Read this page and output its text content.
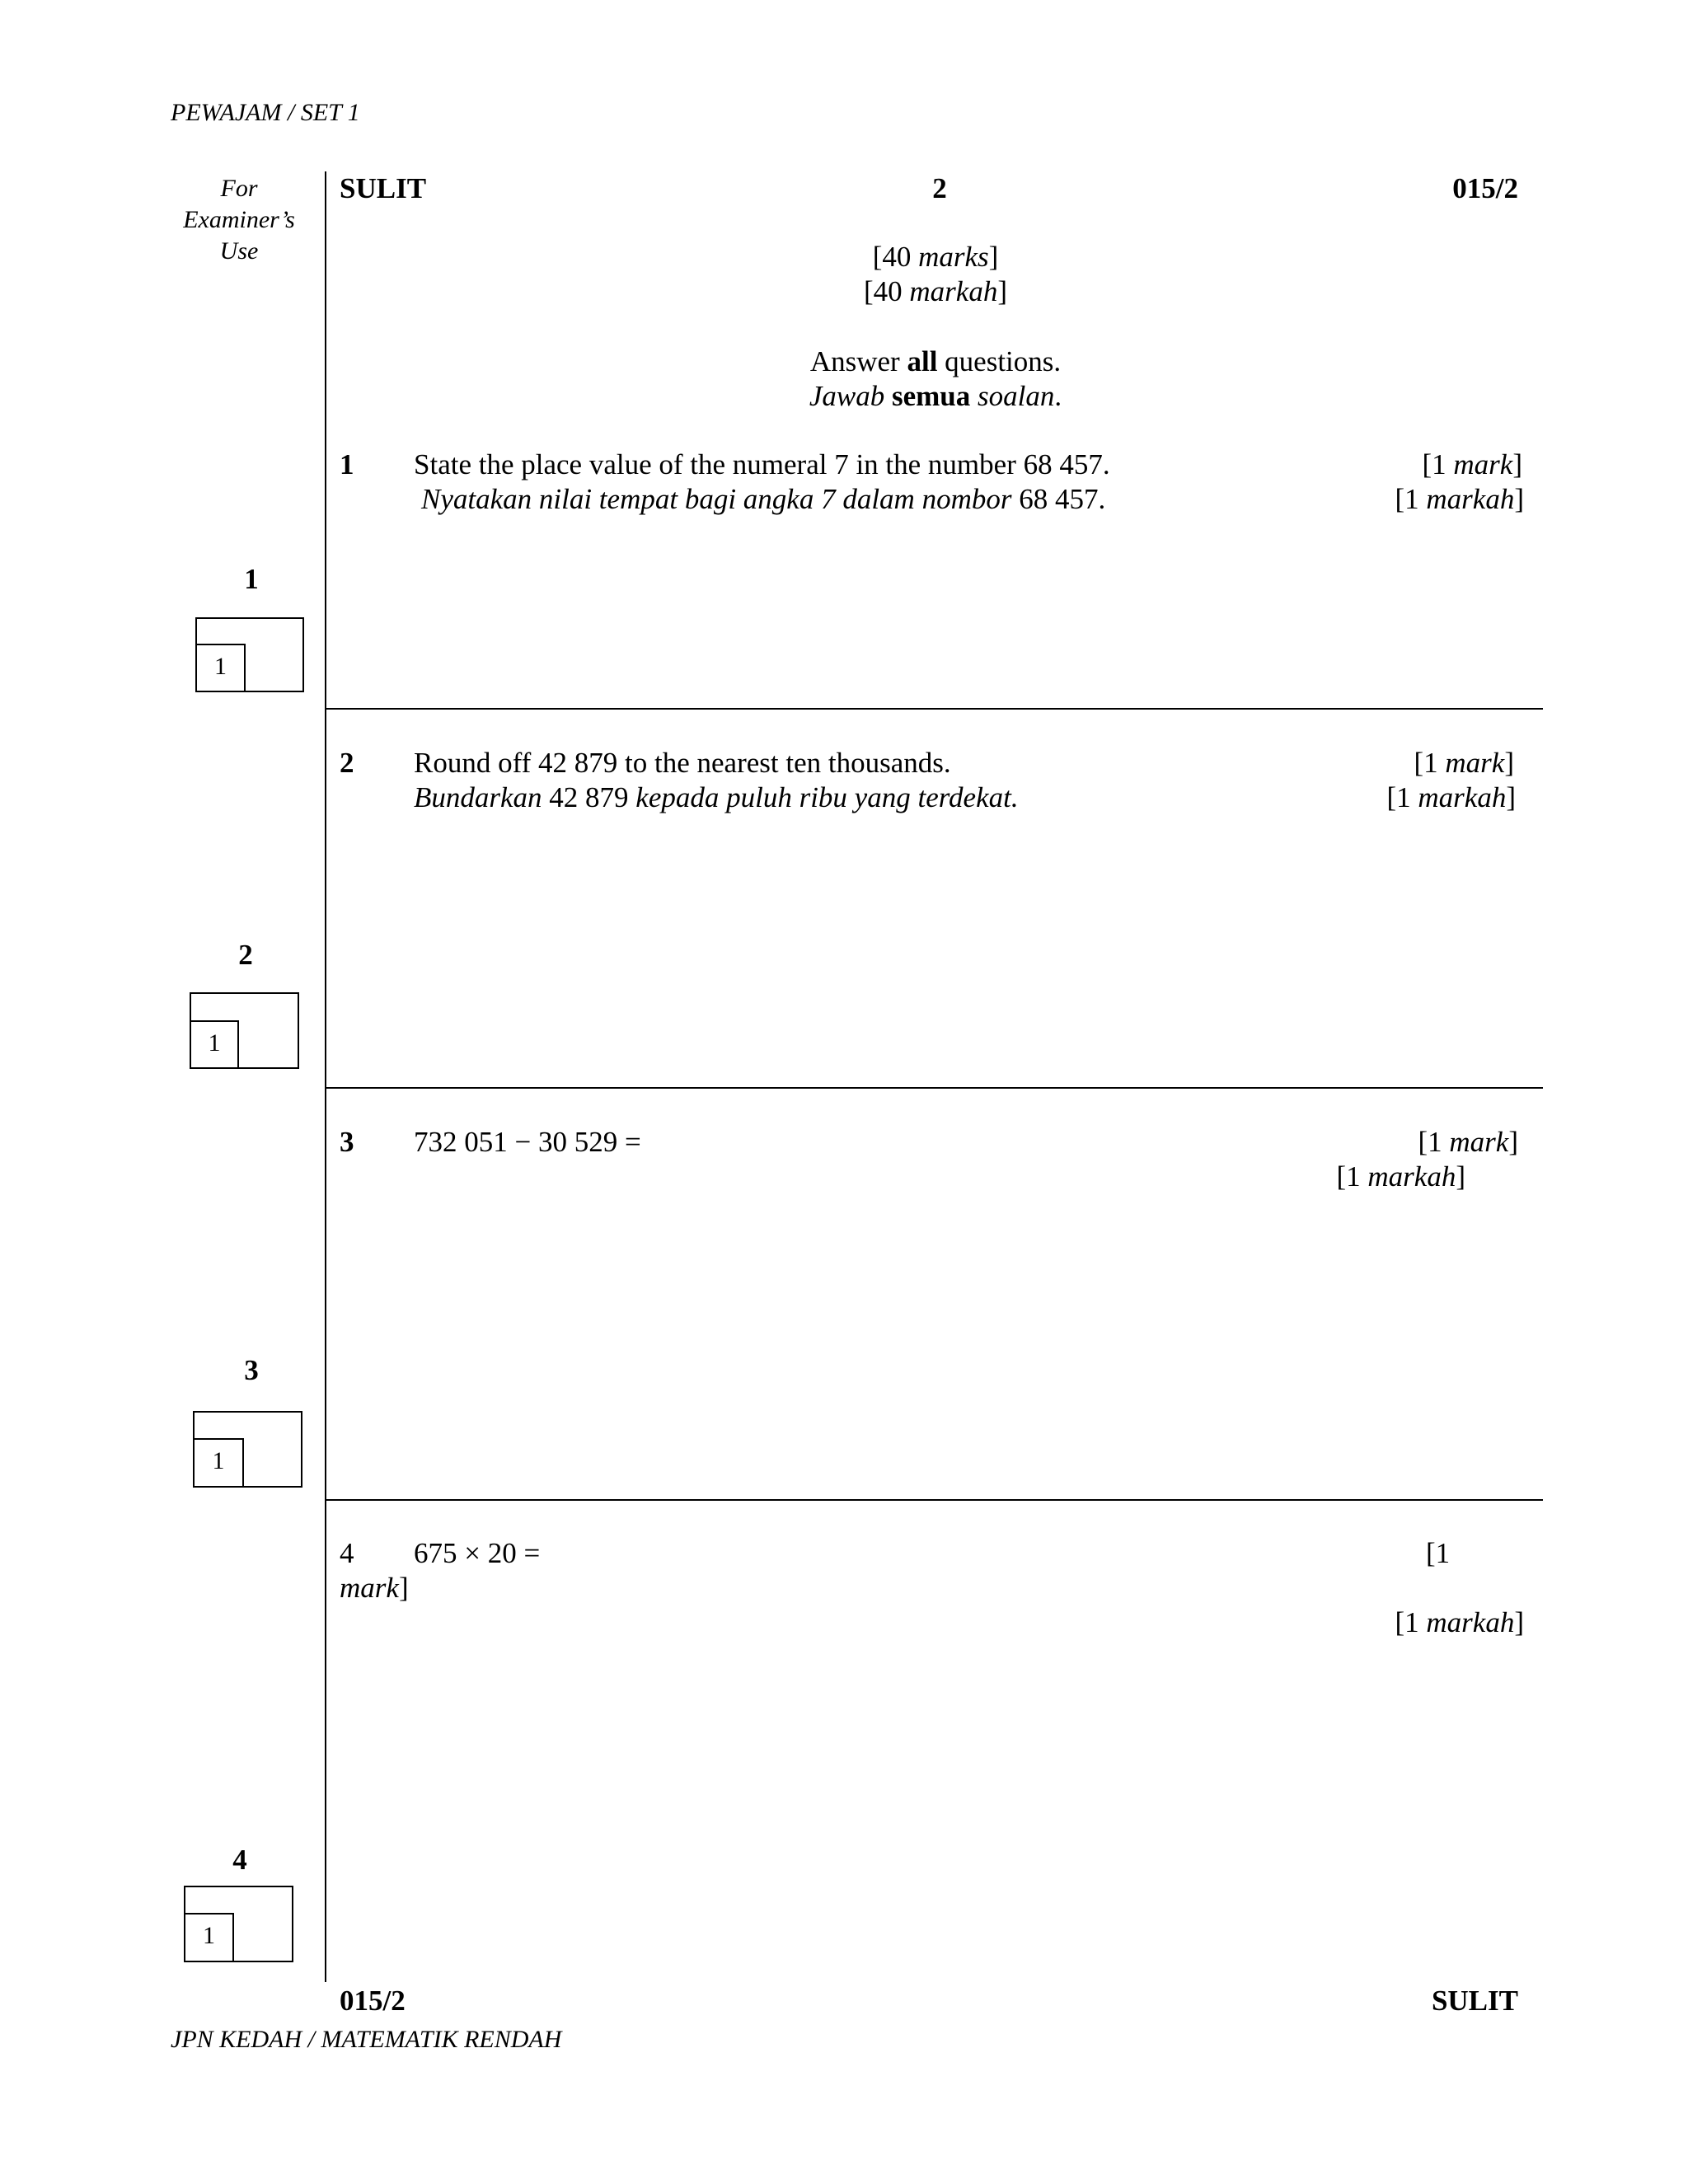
PEWAJAM / SET 1
For
Examiner’s
Use
SULIT	2	015/2
[40 marks]
[40 markah]
Answer all questions.
Jawab semua soalan.
1 State the place value of the numeral 7 in the number 68 457.
Nyatakan nilai tempat bagi angka 7 dalam nombor 68 457.
[1 mark]
[1 markah]
1
1
2 Round off 42 879 to the nearest ten thousands.
Bundarkan 42 879 kepada puluh ribu yang terdekat.
[1 mark]
[1 markah]
2
1
3 732 051 − 30 529 =	[1 mark]
[1 markah]
3
1
4 675 × 20 =	[1
mark]
[1 markah]
4
1
015/2	SULIT
JPN KEDAH / MATEMATIK RENDAH
